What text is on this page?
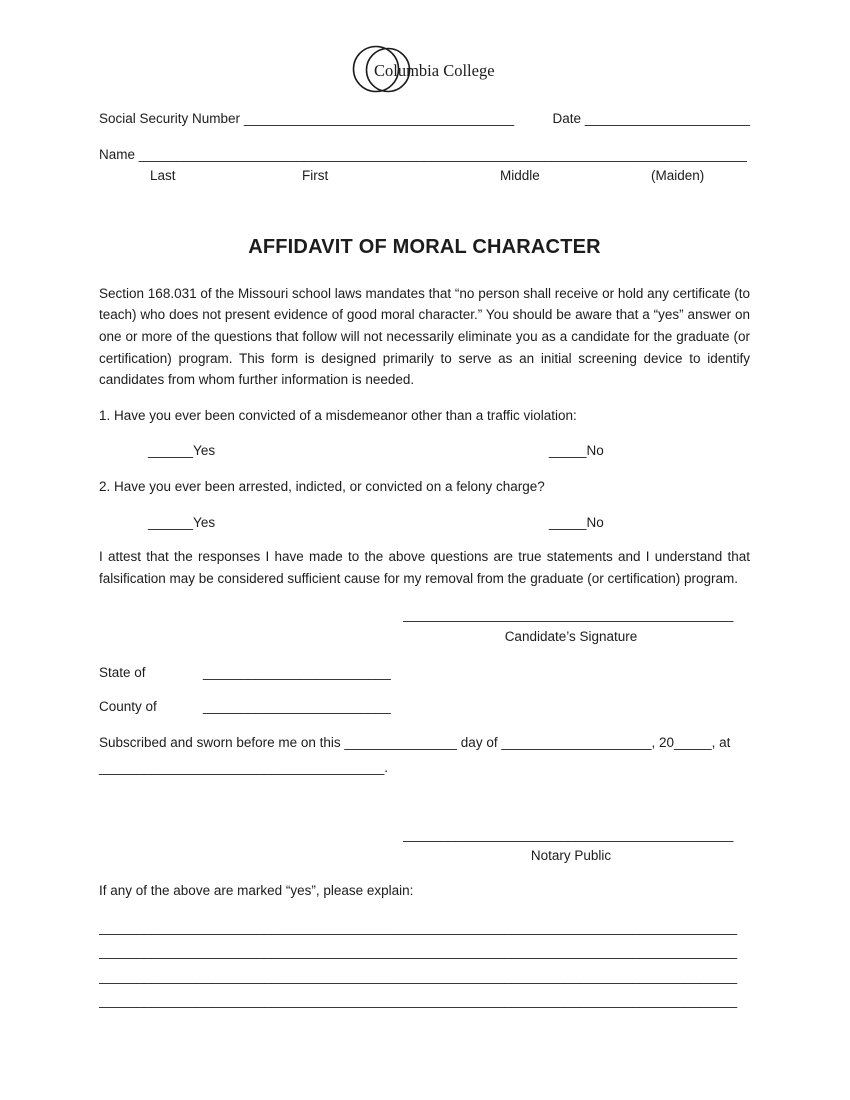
Columbia College
Social Security Number ____________________________________	Date ______________________
Name _________________________________________________________________________________
Last	First	Middle	(Maiden)
AFFIDAVIT OF MORAL CHARACTER
Section 168.031 of the Missouri school laws mandates that “no person shall receive or hold any certificate (to teach) who does not present evidence of good moral character.” You should be aware that a “yes” answer on one or more of the questions that follow will not necessarily eliminate you as a candidate for the graduate (or certification) program. This form is designed primarily to serve as an initial screening device to identify candidates from whom further information is needed.
1. Have you ever been convicted of a misdemeanor other than a traffic violation:
______Yes	_____No
2. Have you ever been arrested, indicted, or convicted on a felony charge?
______Yes	_____No
I attest that the responses I have made to the above questions are true statements and I understand that falsification may be considered sufficient cause for my removal from the graduate (or certification) program.
____________________________________________
Candidate’s Signature
State of	_________________________
County of	_________________________
Subscribed and sworn before me on this _______________ day of ____________________, 20_____, at
______________________________________.
____________________________________________
Notary Public
If any of the above are marked “yes”, please explain:
_____________________________________________________________________________________
_____________________________________________________________________________________
_____________________________________________________________________________________
_____________________________________________________________________________________
